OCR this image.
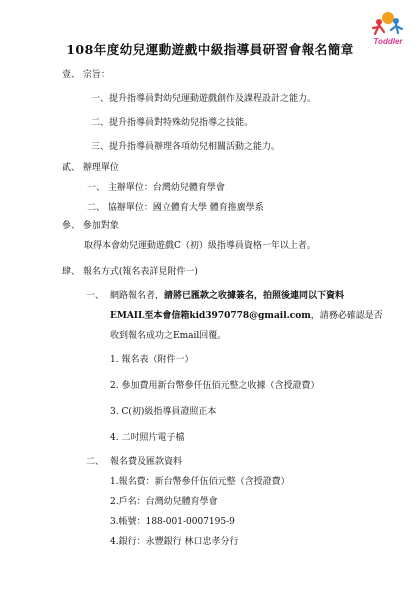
Toddler
108年度幼兒運動遊戲中級指導員研習會報名簡章
壹、 宗旨：
一、提升指導員對幼兒運動遊戲創作及課程設計之能力。
二、提升指導員對特殊幼兒指導之技能。
三、提升指導員辦理各項幼兒相關活動之能力。
貳、 辦理單位
一、 主辦單位：台灣幼兒體育學會
二、 協辦單位：國立體育大學 體育推廣學系
參、 參加對象
取得本會幼兒運動遊戲C（初）級指導員資格一年以上者。
肆、 報名方式(報名表詳見附件一)
一、 網路報名者，請將已匯款之收據簽名，拍照後連同以下資料
EMAIL至本會信箱kid3970778@gmail.com，請務必確認是否
收到報名成功之Email回覆。
1. 報名表（附件一）
2. 參加費用新台幣參仟伍佰元整之收據（含授證費）
3. C(初)級指導員證照正本
4. 二吋照片電子檔
二、 報名費及匯款資料
1.報名費：新台幣參仟伍佰元整（含授證費）
2.戶名：台灣幼兒體育學會
3.帳號：188-001-0007195-9
4.銀行：永豐銀行 林口忠孝分行
